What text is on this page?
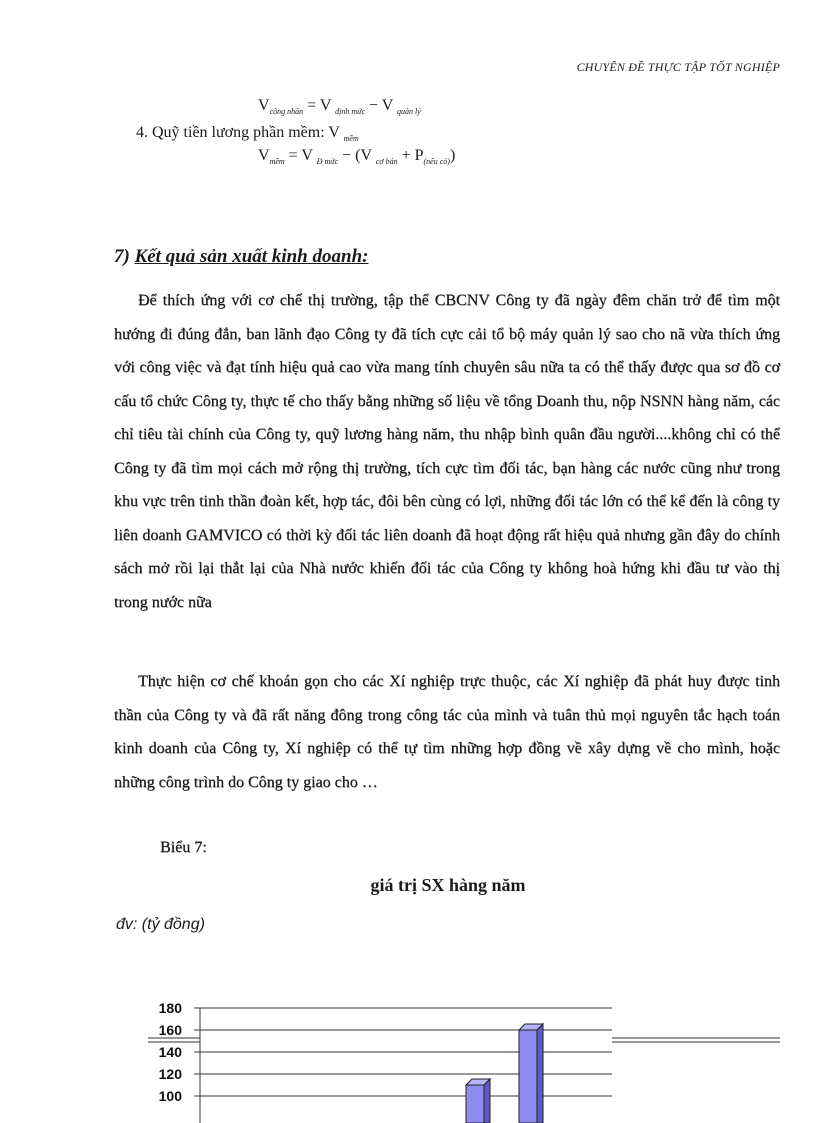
CHUYÊN ĐỀ THỰC TẬP TỐT NGHIỆP
$V_{công nhân} = V$ $_{định mức}$ − V $_{quản lý}$
4. Quỹ tiền lương phần mềm: V $_{mềm}$
$V_{mềm} = V$ $_{Đ mức}$ − (V $_{cơ bản} + P_{(nếu có)}$)
7) Kết quả sản xuất kinh doanh:

Để thích ứng với cơ chế thị trường, tập thể CBCNV Công ty đã ngày đêm chăn trở để tìm một hướng đi đúng đắn, ban lãnh đạo Công ty đã tích cực cải tổ bộ máy quản lý sao cho nã vừa thích ứng với công việc và đạt tính hiệu quả cao vừa mang tính chuyên sâu nữa ta có thể thấy được qua sơ đồ cơ cấu tổ chức Công ty, thực tế cho thấy bằng những số liệu về tổng Doanh thu, nộp NSNN hàng năm, các chỉ tiêu tài chính của Công ty, quỹ lương hàng năm, thu nhập bình quân đầu người....không chỉ có thể Công ty đã tìm mọi cách mở rộng thị trường, tích cực tìm đối tác, bạn hàng các nước cũng như trong khu vực trên tinh thần đoàn kết, hợp tác, đôi bên cùng có lợi, những đối tác lớn có thể kể đến là công ty liên doanh GAMVICO có thời kỳ đối tác liên doanh đã hoạt động rất hiệu quả nhưng gần đây do chính sách mở rồi lại thắt lại của Nhà nước khiến đối tác của Công ty không hoà hứng khi đầu tư vào thị trong nước nữa

Thực hiện cơ chế khoán gọn cho các Xí nghiệp trực thuộc, các Xí nghiệp đã phát huy được tinh thần của Công ty và đã rất năng đông trong công tác của mình và tuân thủ mọi nguyên tắc hạch toán kinh doanh của Công ty, Xí nghiệp có thể tự tìm những hợp đồng về xây dựng về cho mình, hoặc những công trình do Công ty giao cho …

Biểu 7:
giá trị SX hàng năm
đv: (tỷ đồng)
180
160
140
120
100
